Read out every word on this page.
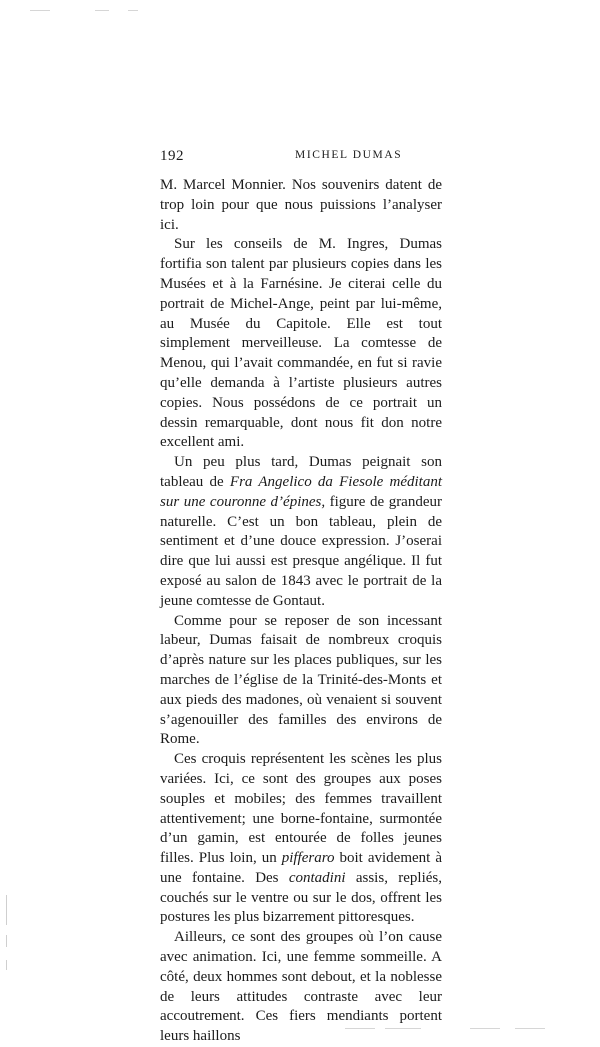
192	MICHEL DUMAS

M. Marcel Monnier. Nos souvenirs datent de trop loin pour que nous puissions l’analyser ici.

Sur les conseils de M. Ingres, Dumas fortifia son talent par plusieurs copies dans les Musées et à la Farnésine. Je citerai celle du portrait de Michel-Ange, peint par lui-même, au Musée du Capitole. Elle est tout simplement merveilleuse. La comtesse de Menou, qui l’avait commandée, en fut si ravie qu’elle demanda à l’artiste plusieurs autres copies. Nous possédons de ce portrait un dessin remarquable, dont nous fit don notre excellent ami.

Un peu plus tard, Dumas peignait son tableau de Fra Angelico da Fiesole méditant sur une couronne d’épines, figure de grandeur naturelle. C’est un bon tableau, plein de sentiment et d’une douce expression. J’oserai dire que lui aussi est presque angélique. Il fut exposé au salon de 1843 avec le portrait de la jeune comtesse de Gontaut.

Comme pour se reposer de son incessant labeur, Dumas faisait de nombreux croquis d’après nature sur les places publiques, sur les marches de l’église de la Trinité-des-Monts et aux pieds des madones, où venaient si souvent s’agenouiller des familles des environs de Rome.

Ces croquis représentent les scènes les plus variées. Ici, ce sont des groupes aux poses souples et mobiles; des femmes travaillent attentivement; une borne-fontaine, surmontée d’un gamin, est entourée de folles jeunes filles. Plus loin, un pifferaro boit avidement à une fontaine. Des contadini assis, repliés, couchés sur le ventre ou sur le dos, offrent les postures les plus bizarrement pittoresques.

Ailleurs, ce sont des groupes où l’on cause avec animation. Ici, une femme sommeille. A côté, deux hommes sont debout, et la noblesse de leurs attitudes contraste avec leur accoutrement. Ces fiers mendiants portent leurs haillons
